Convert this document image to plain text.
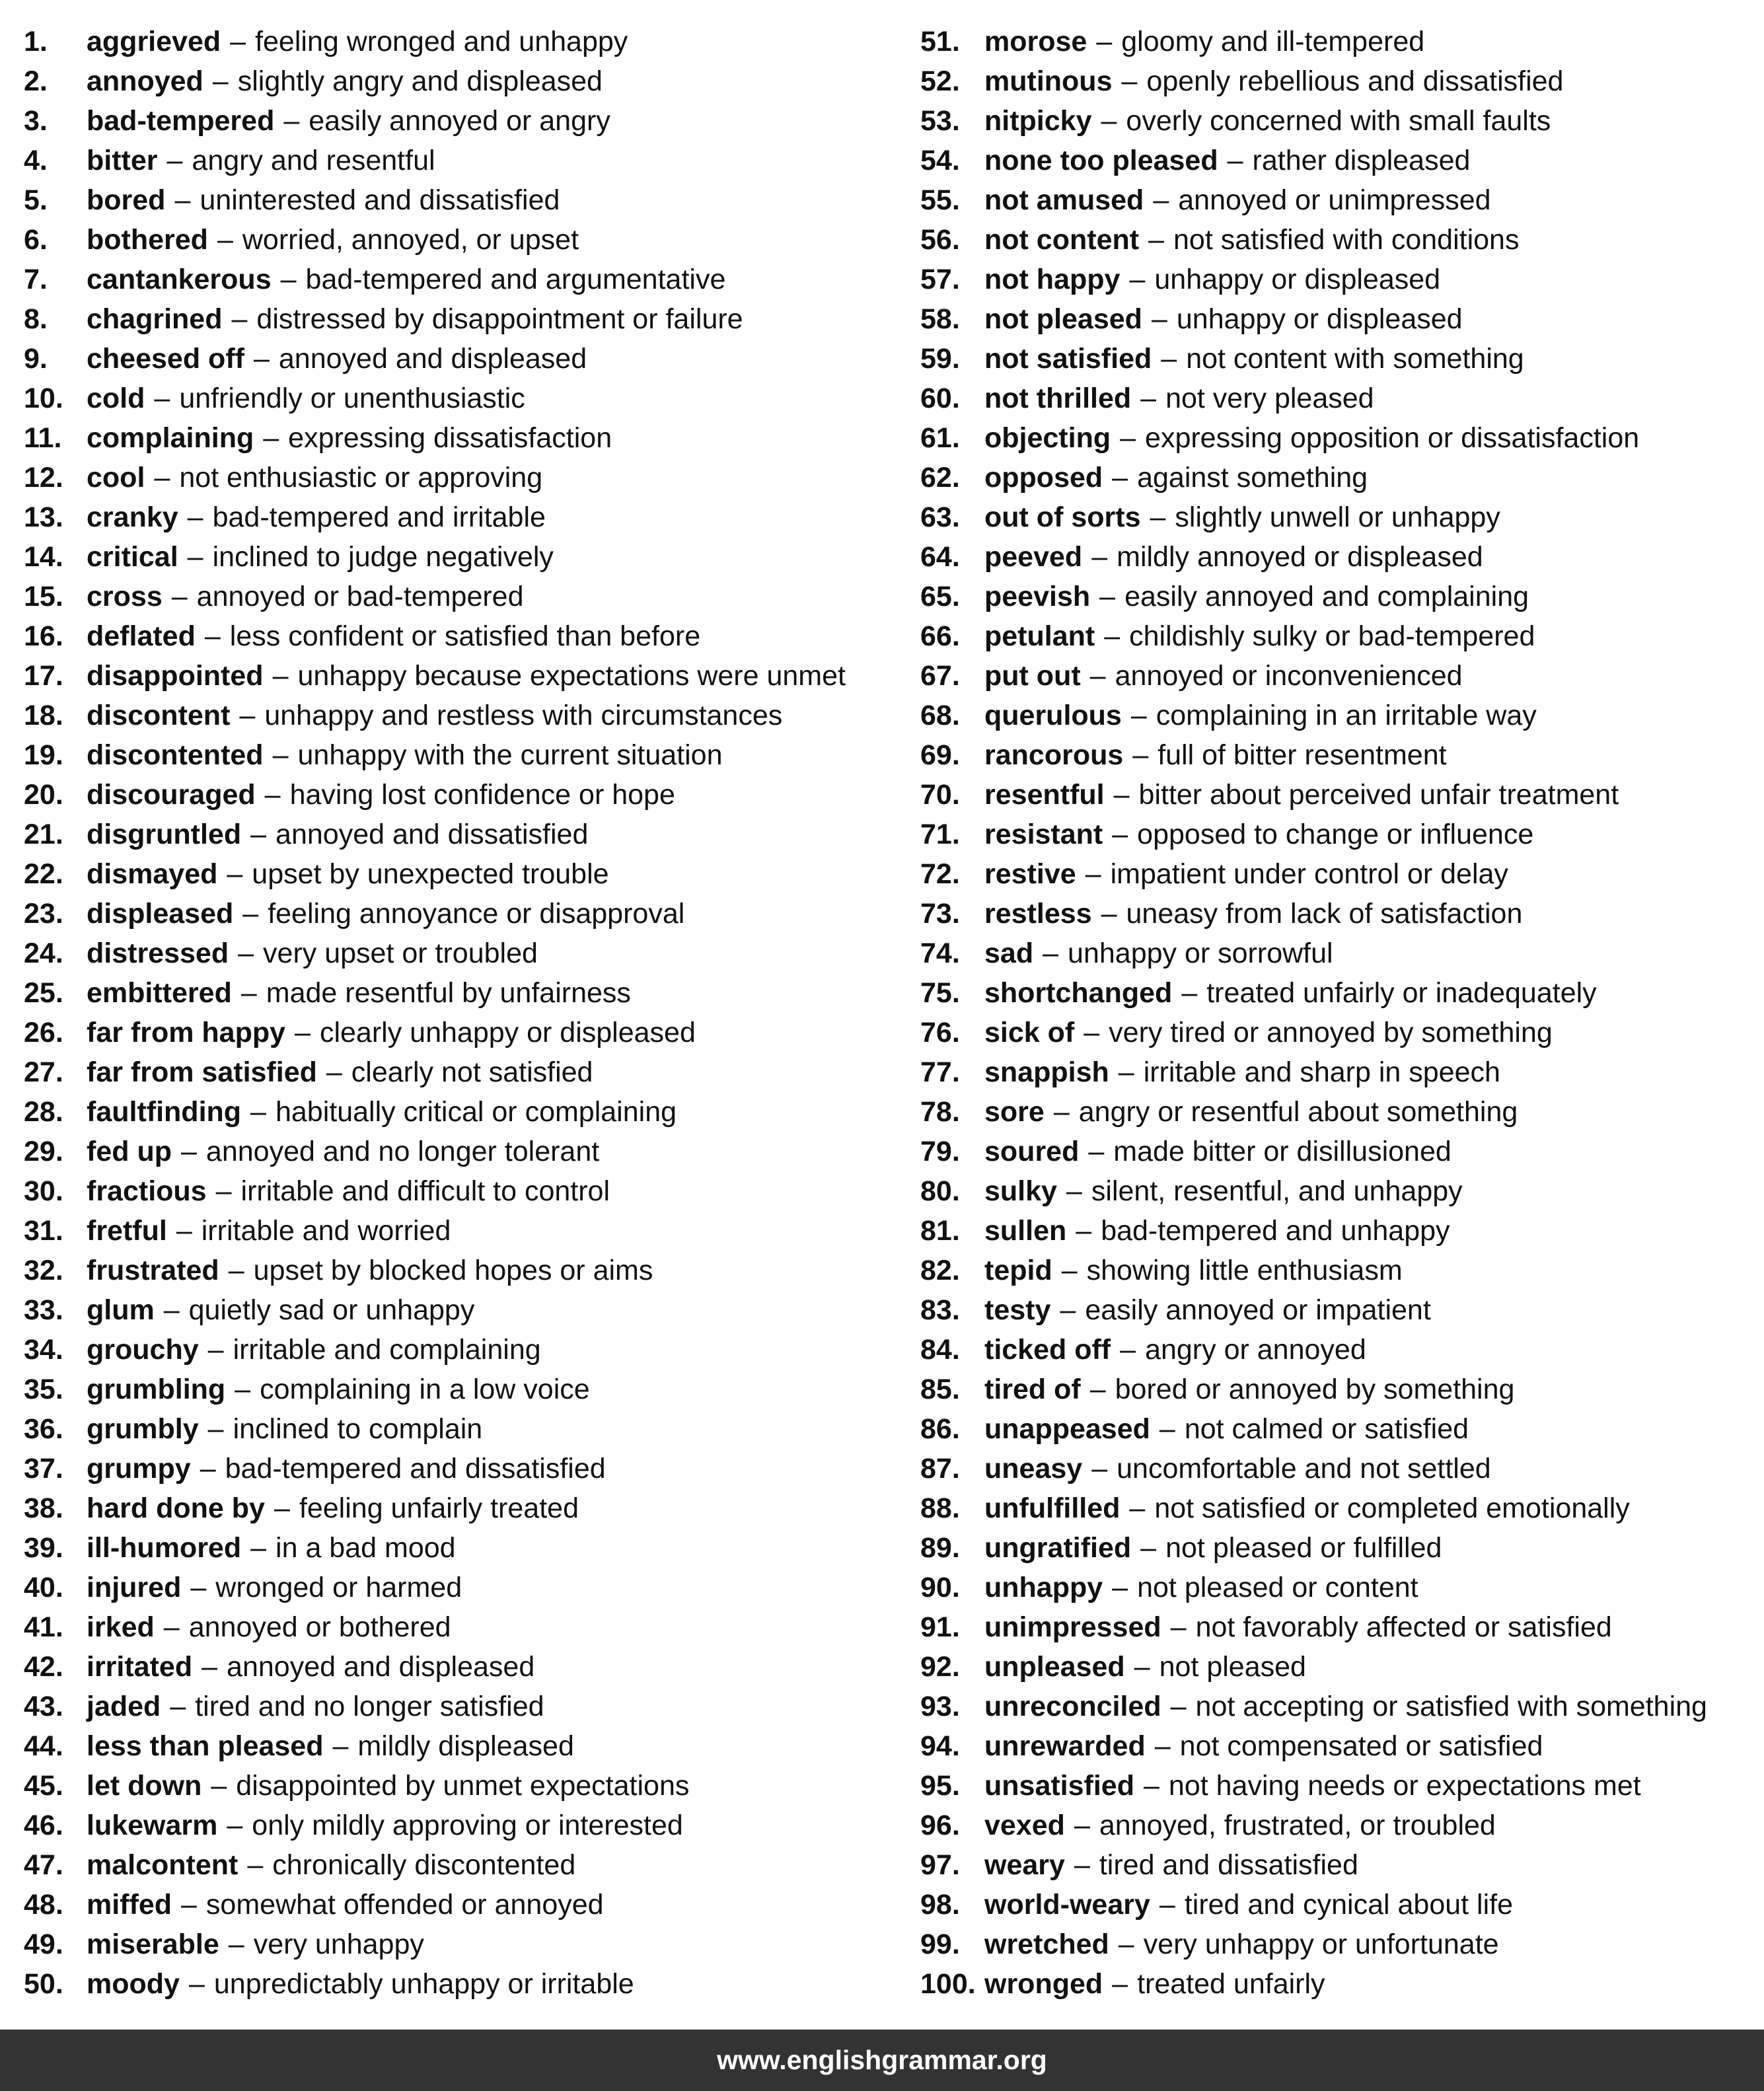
1. aggrieved – feeling wronged and unhappy
2. annoyed – slightly angry and displeased
3. bad-tempered – easily annoyed or angry
4. bitter – angry and resentful
5. bored – uninterested and dissatisfied
6. bothered – worried, annoyed, or upset
7. cantankerous – bad-tempered and argumentative
8. chagrined – distressed by disappointment or failure
9. cheesed off – annoyed and displeased
10. cold – unfriendly or unenthusiastic
11. complaining – expressing dissatisfaction
12. cool – not enthusiastic or approving
13. cranky – bad-tempered and irritable
14. critical – inclined to judge negatively
15. cross – annoyed or bad-tempered
16. deflated – less confident or satisfied than before
17. disappointed – unhappy because expectations were unmet
18. discontent – unhappy and restless with circumstances
19. discontented – unhappy with the current situation
20. discouraged – having lost confidence or hope
21. disgruntled – annoyed and dissatisfied
22. dismayed – upset by unexpected trouble
23. displeased – feeling annoyance or disapproval
24. distressed – very upset or troubled
25. embittered – made resentful by unfairness
26. far from happy – clearly unhappy or displeased
27. far from satisfied – clearly not satisfied
28. faultfinding – habitually critical or complaining
29. fed up – annoyed and no longer tolerant
30. fractious – irritable and difficult to control
31. fretful – irritable and worried
32. frustrated – upset by blocked hopes or aims
33. glum – quietly sad or unhappy
34. grouchy – irritable and complaining
35. grumbling – complaining in a low voice
36. grumbly – inclined to complain
37. grumpy – bad-tempered and dissatisfied
38. hard done by – feeling unfairly treated
39. ill-humored – in a bad mood
40. injured – wronged or harmed
41. irked – annoyed or bothered
42. irritated – annoyed and displeased
43. jaded – tired and no longer satisfied
44. less than pleased – mildly displeased
45. let down – disappointed by unmet expectations
46. lukewarm – only mildly approving or interested
47. malcontent – chronically discontented
48. miffed – somewhat offended or annoyed
49. miserable – very unhappy
50. moody – unpredictably unhappy or irritable
51. morose – gloomy and ill-tempered
52. mutinous – openly rebellious and dissatisfied
53. nitpicky – overly concerned with small faults
54. none too pleased – rather displeased
55. not amused – annoyed or unimpressed
56. not content – not satisfied with conditions
57. not happy – unhappy or displeased
58. not pleased – unhappy or displeased
59. not satisfied – not content with something
60. not thrilled – not very pleased
61. objecting – expressing opposition or dissatisfaction
62. opposed – against something
63. out of sorts – slightly unwell or unhappy
64. peeved – mildly annoyed or displeased
65. peevish – easily annoyed and complaining
66. petulant – childishly sulky or bad-tempered
67. put out – annoyed or inconvenienced
68. querulous – complaining in an irritable way
69. rancorous – full of bitter resentment
70. resentful – bitter about perceived unfair treatment
71. resistant – opposed to change or influence
72. restive – impatient under control or delay
73. restless – uneasy from lack of satisfaction
74. sad – unhappy or sorrowful
75. shortchanged – treated unfairly or inadequately
76. sick of – very tired or annoyed by something
77. snappish – irritable and sharp in speech
78. sore – angry or resentful about something
79. soured – made bitter or disillusioned
80. sulky – silent, resentful, and unhappy
81. sullen – bad-tempered and unhappy
82. tepid – showing little enthusiasm
83. testy – easily annoyed or impatient
84. ticked off – angry or annoyed
85. tired of – bored or annoyed by something
86. unappeased – not calmed or satisfied
87. uneasy – uncomfortable and not settled
88. unfulfilled – not satisfied or completed emotionally
89. ungratified – not pleased or fulfilled
90. unhappy – not pleased or content
91. unimpressed – not favorably affected or satisfied
92. unpleased – not pleased
93. unreconciled – not accepting or satisfied with something
94. unrewarded – not compensated or satisfied
95. unsatisfied – not having needs or expectations met
96. vexed – annoyed, frustrated, or troubled
97. weary – tired and dissatisfied
98. world-weary – tired and cynical about life
99. wretched – very unhappy or unfortunate
100. wronged – treated unfairly
www.englishgrammar.org
